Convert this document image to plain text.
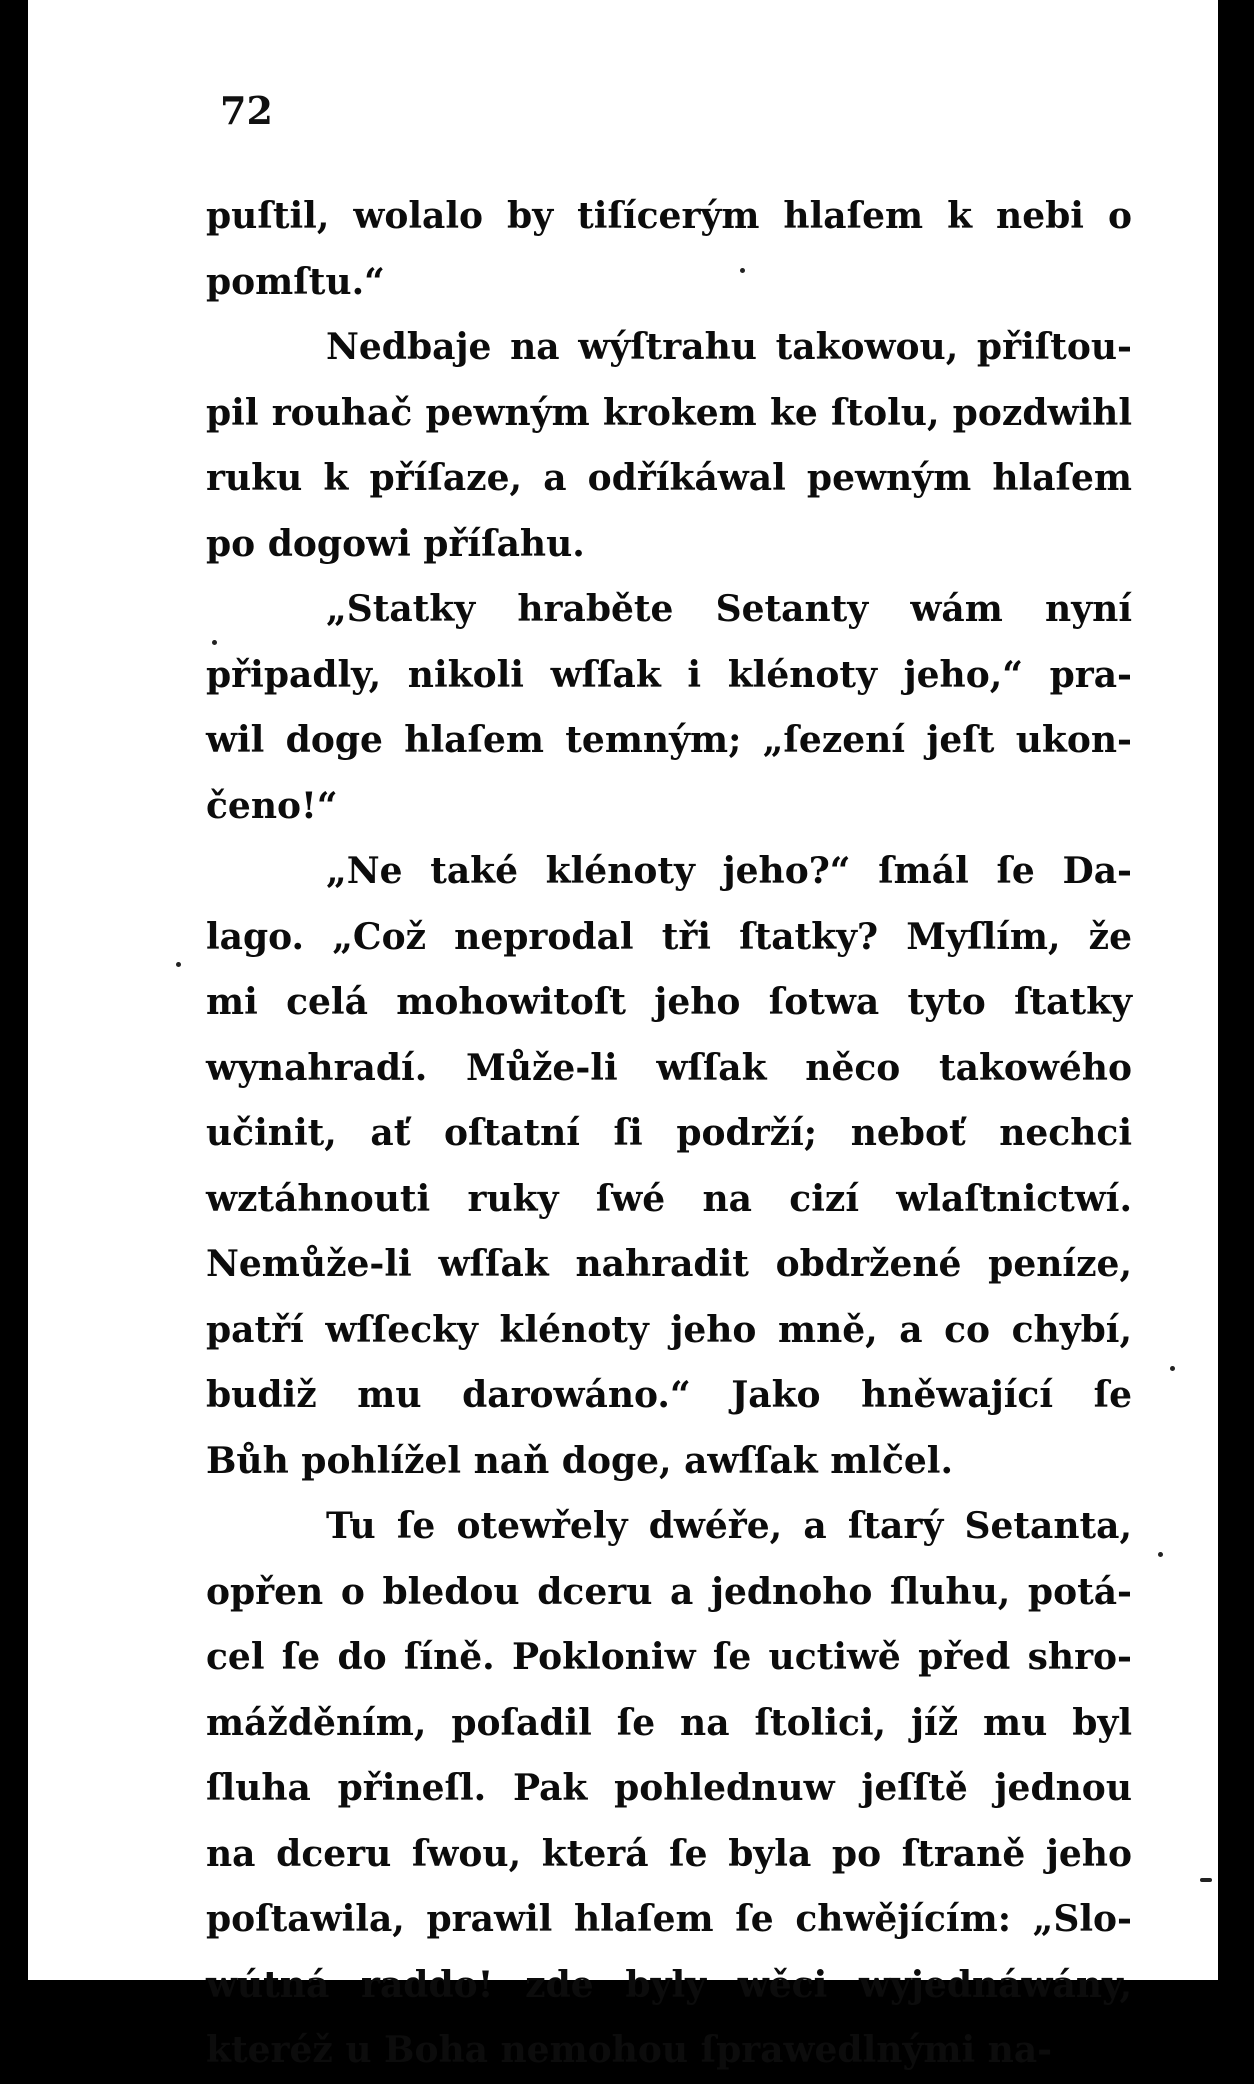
72
puſtil, wolalo by tiſícerým hlaſem k nebi o
pomſtu.“
Nedbaje na wýſtrahu takowou, přiſtou-
pil rouhač pewným krokem ke ſtolu, pozdwihl
ruku k příſaze, a odříkáwal pewným hlaſem
po dogowi příſahu.
„Statky hraběte Setanty wám nyní
připadly, nikoli wſſak i klénoty jeho,“ pra-
wil doge hlaſem temným; „ſezení jeſt ukon-
čeno!“
„Ne také klénoty jeho?“ ſmál ſe Da-
lago. „Což neprodal tři ſtatky? Myſlím, že
mi celá mohowitoſt jeho ſotwa tyto ſtatky
wynahradí. Může-li wſſak něco takowého
učinit, ať oſtatní ſi podrží; neboť nechci
wztáhnouti ruky ſwé na cizí wlaſtnictwí.
Nemůže-li wſſak nahradit obdržené peníze,
patří wſſecky klénoty jeho mně, a co chybí,
budiž mu darowáno.“ Jako hněwající ſe
Bůh pohlížel naň doge, awſſak mlčel.
Tu ſe otewřely dwéře, a ſtarý Setanta,
opřen o bledou dceru a jednoho ſluhu, potá-
cel ſe do ſíně. Pokloniw ſe uctiwě před shro-
mážděním, poſadil ſe na ſtolici, jíž mu byl
ſluha přineſl. Pak pohlednuw jeſſtě jednou
na dceru ſwou, která ſe byla po ſtraně jeho
poſtawila, prawil hlaſem ſe chwějícím: „Slo-
wútná raddo! zde byly wěci wyjednáwány,
kteréž u Boha nemohou ſprawedlnými na-
